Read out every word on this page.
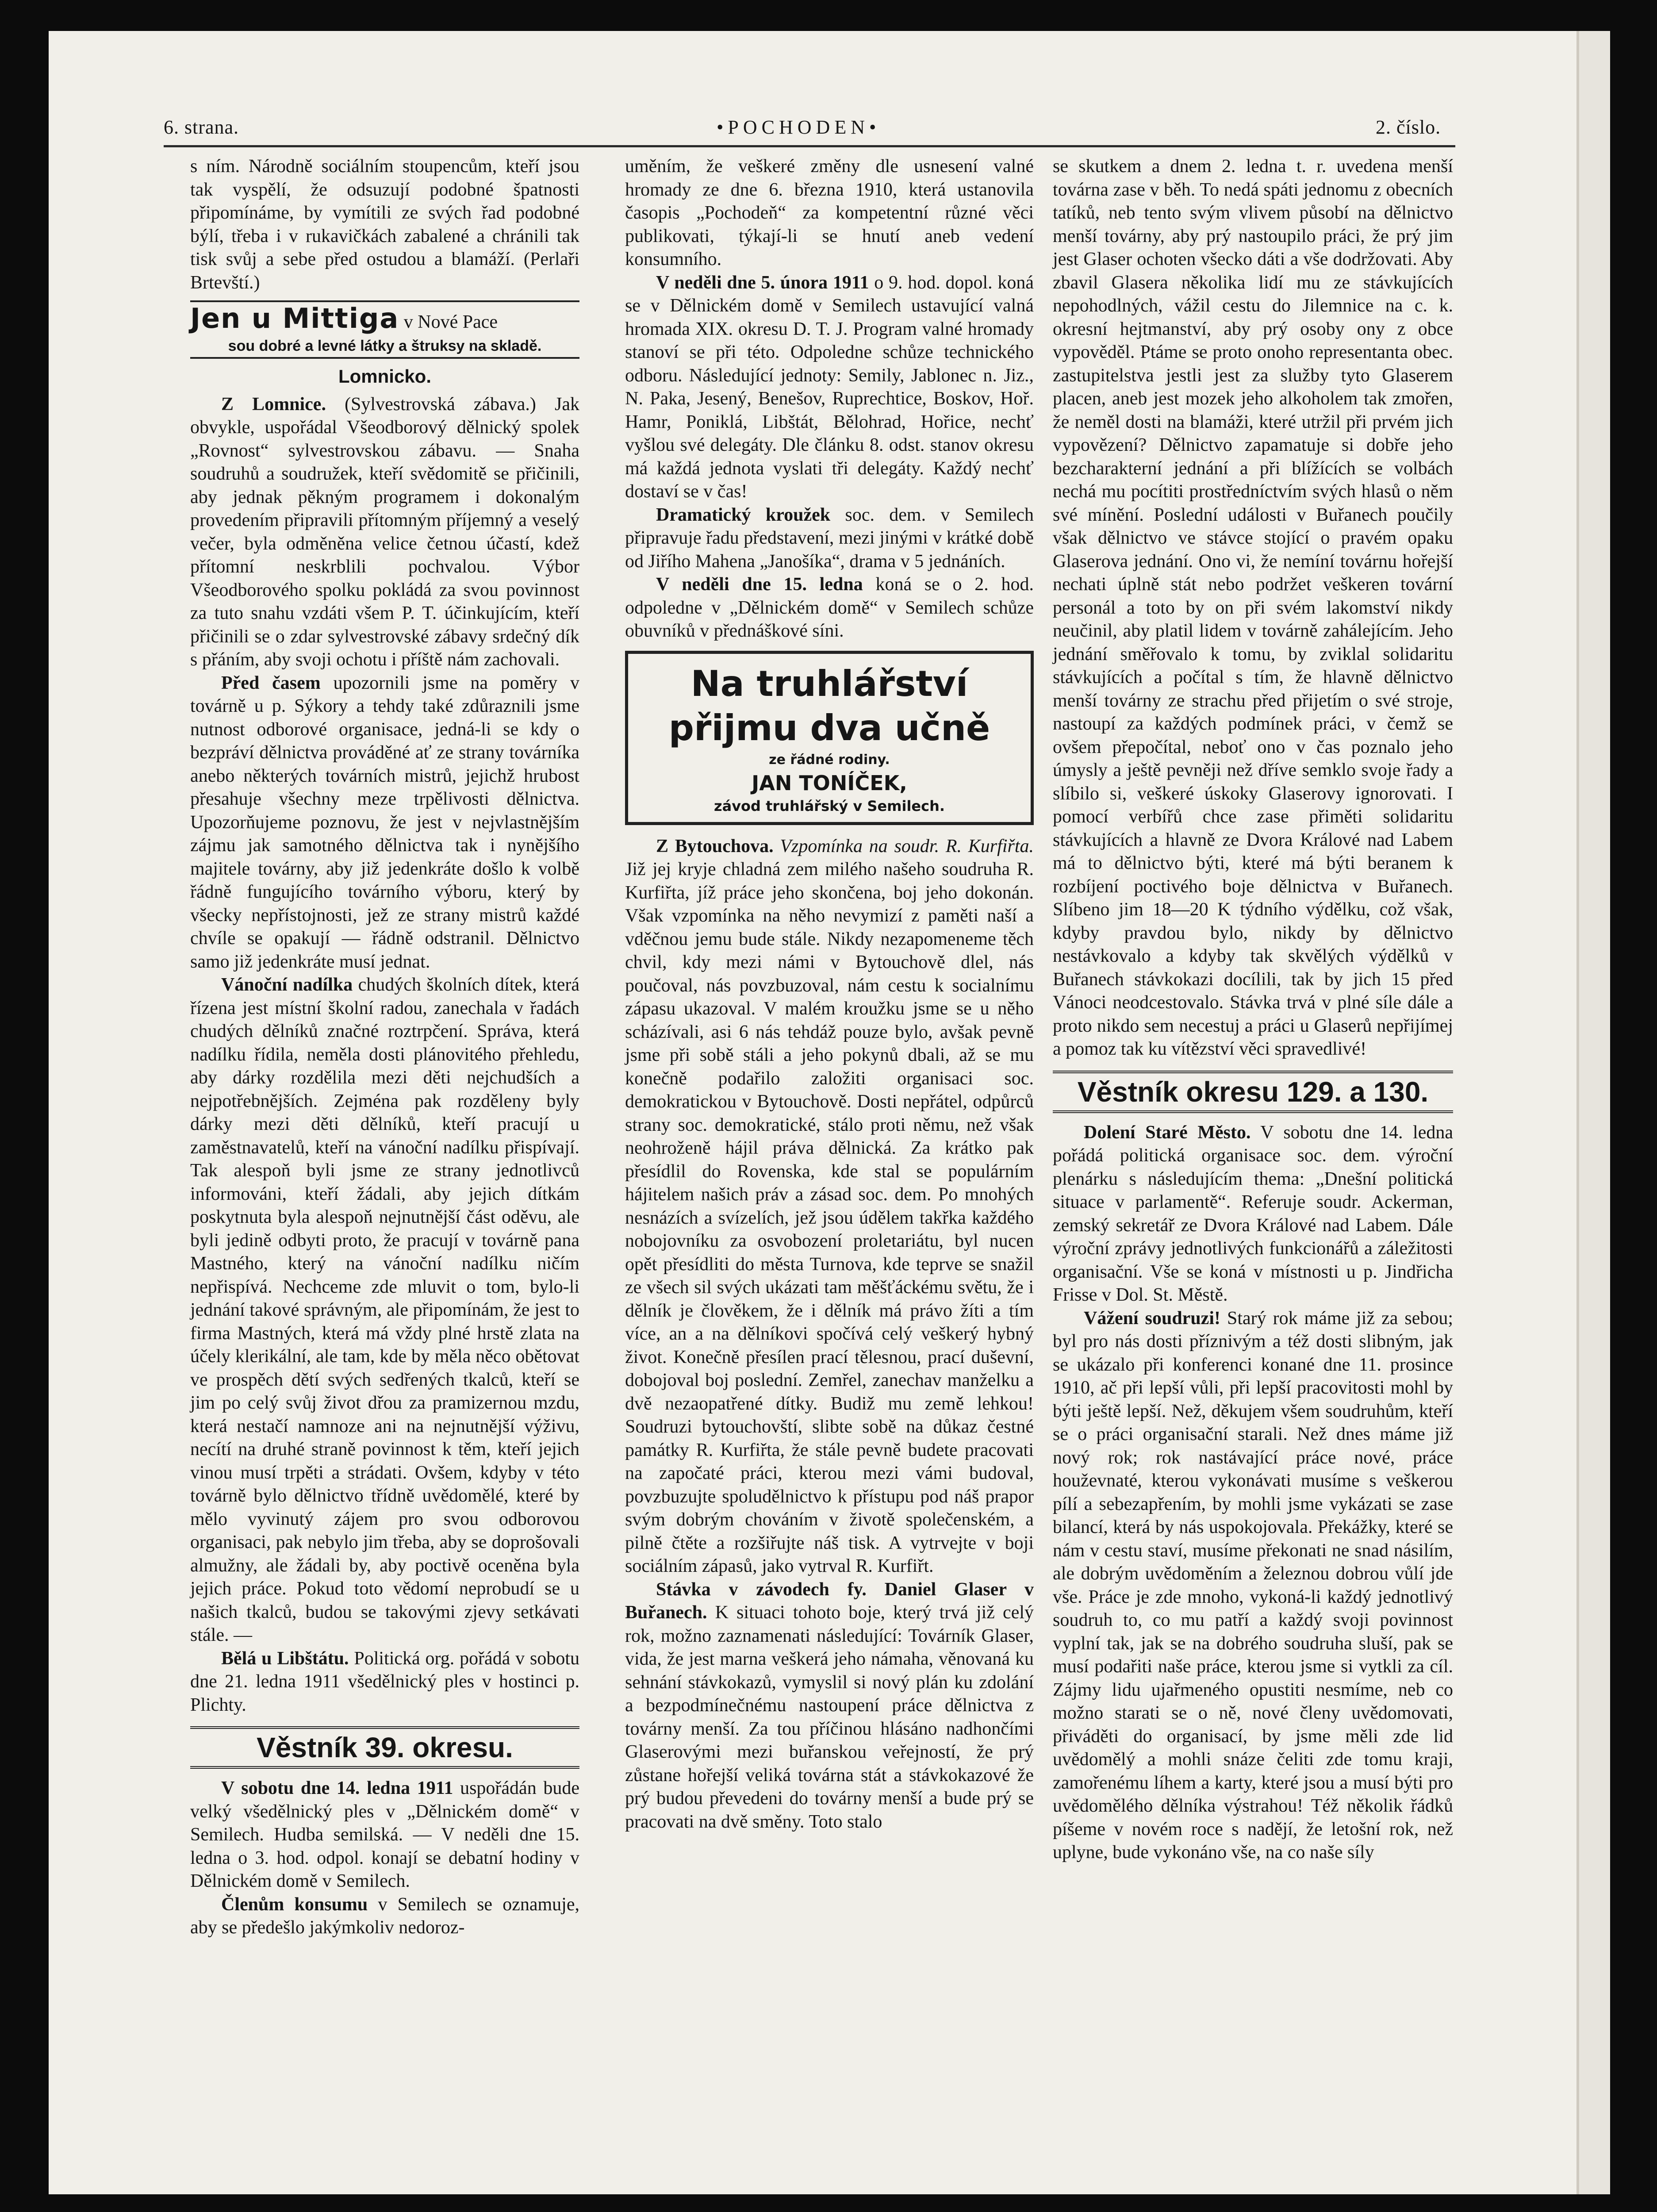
6. strana.	•POCHODEN•	2. číslo.

s ním. Národně sociálním stoupencům, kteří jsou tak vyspělí, že odsuzují podobné špatnosti připomínáme, by vymítili ze svých řad podobné býlí, třeba i v rukavičkách zabalené a chránili tak tisk svůj a sebe před ostudou a blamáží. (Perlaři Brtevští.)

Jen u Mittiga v Nové Pace
sou dobré a levné látky a štruksy na skladě.
Lomnicko.

Z Lomnice. (Sylvestrovská zábava.) Jak obvykle, uspořádal Všeodborový dělnický spolek „Rovnost“ sylvestrovskou zábavu. — Snaha soudruhů a soudružek, kteří svědomitě se přičinili, aby jednak pěkným programem i dokonalým provedením připravili přítomným příjemný a veselý večer, byla odměněna velice četnou účastí, kdež přítomní neskrblili pochvalou. Výbor Všeodborového spolku pokládá za svou povinnost za tuto snahu vzdáti všem P. T. účinkujícím, kteří přičinili se o zdar sylvestrovské zábavy srdečný dík s přáním, aby svoji ochotu i příště nám zachovali.

Před časem upozornili jsme na poměry v továrně u p. Sýkory a tehdy také zdůraznili jsme nutnost odborové organisace, jedná-li se kdy o bezpráví dělnictva prováděné ať ze strany továrníka anebo některých továrních mistrů, jejichž hrubost přesahuje všechny meze trpělivosti dělnictva. Upozorňujeme poznovu, že jest v nejvlastnějším zájmu jak samotného dělnictva tak i nynějšího majitele továrny, aby již jedenkráte došlo k volbě řádně fungujícího továrního výboru, který by všecky nepřístojnosti, jež ze strany mistrů každé chvíle se opakují — řádně odstranil. Dělnictvo samo již jedenkráte musí jednat.

Vánoční nadílka chudých školních dítek, která řízena jest místní školní radou, zanechala v řadách chudých dělníků značné roztrpčení. Správa, která nadílku řídila, neměla dosti plánovitého přehledu, aby dárky rozdělila mezi děti nejchudších a nejpotřebnějších. Zejména pak rozděleny byly dárky mezi děti dělníků, kteří pracují u zaměstnavatelů, kteří na vánoční nadílku přispívají. Tak alespoň byli jsme ze strany jednotlivců informováni, kteří žádali, aby jejich dítkám poskytnuta byla alespoň nejnutnější část oděvu, ale byli jedině odbyti proto, že pracují v továrně pana Mastného, který na vánoční nadílku ničím nepřispívá. Nechceme zde mluvit o tom, bylo-li jednání takové správným, ale připomínám, že jest to firma Mastných, která má vždy plné hrstě zlata na účely klerikální, ale tam, kde by měla něco obětovat ve prospěch dětí svých sedřených tkalců, kteří se jim po celý svůj život dřou za pramizernou mzdu, která nestačí namnoze ani na nejnutnější výživu, necítí na druhé straně povinnost k těm, kteří jejich vinou musí trpěti a strádati. Ovšem, kdyby v této továrně bylo dělnictvo třídně uvědomělé, které by mělo vyvinutý zájem pro svou odborovou organisaci, pak nebylo jim třeba, aby se doprošovali almužny, ale žádali by, aby poctivě oceněna byla jejich práce. Pokud toto vědomí neprobudí se u našich tkalců, budou se takovými zjevy setkávati stále. —

Bělá u Libštátu. Politická org. pořádá v sobotu dne 21. ledna 1911 všedělnický ples v hostinci p. Plichty.

Věstník 39. okresu.

V sobotu dne 14. ledna 1911 uspořádán bude velký všedělnický ples v „Dělnickém domě“ v Semilech. Hudba semilská. — V neděli dne 15. ledna o 3. hod. odpol. konají se debatní hodiny v Dělnickém domě v Semilech.

Členům konsumu v Semilech se oznamuje, aby se předešlo jakýmkoliv nedoroz-

uměním, že veškeré změny dle usnesení valné hromady ze dne 6. března 1910, která ustanovila časopis „Pochodeň“ za kompetentní různé věci publikovati, týkají-li se hnutí aneb vedení konsumního.

V neděli dne 5. února 1911 o 9. hod. dopol. koná se v Dělnickém domě v Semilech ustavující valná hromada XIX. okresu D. T. J. Program valné hromady stanoví se při této. Odpoledne schůze technického odboru. Následující jednoty: Semily, Jablonec n. Jiz., N. Paka, Jesený, Benešov, Ruprechtice, Boskov, Hoř. Hamr, Poniklá, Libštát, Bělohrad, Hořice, nechť vyšlou své delegáty. Dle článku 8. odst. stanov okresu má každá jednota vyslati tři delegáty. Každý nechť dostaví se v čas!

Dramatický kroužek soc. dem. v Semilech připravuje řadu představení, mezi jinými v krátké době od Jiřího Mahena „Janošíka“, drama v 5 jednáních.

V neděli dne 15. ledna koná se o 2. hod. odpoledne v „Dělnickém domě“ v Semilech schůze obuvníků v přednáškové síni.

Na truhlářství
přijmu dva učně
ze řádné rodiny.
JAN TONÍČEK,
závod truhlářský v Semilech.

Z Bytouchova. Vzpomínka na soudr. R. Kurfiřta. Již jej kryje chladná zem milého našeho soudruha R. Kurfiřta, jíž práce jeho skončena, boj jeho dokonán. Však vzpomínka na něho nevymizí z paměti naší a vděčnou jemu bude stále. Nikdy nezapomeneme těch chvil, kdy mezi námi v Bytouchově dlel, nás poučoval, nás povzbuzoval, nám cestu k socialnímu zápasu ukazoval. V malém kroužku jsme se u něho scházívali, asi 6 nás tehdáž pouze bylo, avšak pevně jsme při sobě stáli a jeho pokynů dbali, až se mu konečně podařilo založiti organisaci soc. demokratickou v Bytouchově. Dosti nepřátel, odpůrců strany soc. demokratické, stálo proti němu, než však neohroženě hájil práva dělnická. Za krátko pak přesídlil do Rovenska, kde stal se populárním hájitelem našich práv a zásad soc. dem. Po mnohých nesnázích a svízelích, jež jsou údělem takřka každého nobojovníku za osvobození proletariátu, byl nucen opět přesídliti do města Turnova, kde teprve se snažil ze všech sil svých ukázati tam měšťáckému světu, že i dělník je člověkem, že i dělník má právo žíti a tím více, an a na dělníkovi spočívá celý veškerý hybný život. Konečně přesílen prací tělesnou, prací duševní, dobojoval boj poslední. Zemřel, zanechav manželku a dvě nezaopatřené dítky. Budiž mu země lehkou! Soudruzi bytouchovští, slibte sobě na důkaz čestné památky R. Kurfiřta, že stále pevně budete pracovati na započaté práci, kterou mezi vámi budoval, povzbuzujte spoludělnictvo k přístupu pod náš prapor svým dobrým chováním v životě společenském, a pilně čtěte a rozšiřujte náš tisk. A vytrvejte v boji sociálním zápasů, jako vytrval R. Kurfiřt.

Stávka v závodech fy. Daniel Glaser v Buřanech. K situaci tohoto boje, který trvá již celý rok, možno zaznamenati následující: Továrník Glaser, vida, že jest marna veškerá jeho námaha, věnovaná ku sehnání stávkokazů, vymyslil si nový plán ku zdolání a bezpodmínečnému nastoupení práce dělnictva z továrny menší. Za tou příčinou hlásáno nadhončími Glaserovými mezi buřanskou veřejností, že prý zůstane hořejší veliká továrna stát a stávkokazové že prý budou převedeni do továrny menší a bude prý se pracovati na dvě směny. Toto stalo

se skutkem a dnem 2. ledna t. r. uvedena menší továrna zase v běh. To nedá spáti jednomu z obecních tatíků, neb tento svým vlivem působí na dělnictvo menší továrny, aby prý nastoupilo práci, že prý jim jest Glaser ochoten všecko dáti a vše dodržovati. Aby zbavil Glasera několika lidí mu ze stávkujících nepohodlných, vážil cestu do Jilemnice na c. k. okresní hejtmanství, aby prý osoby ony z obce vypověděl. Ptáme se proto onoho representanta obec. zastupitelstva jestli jest za služby tyto Glaserem placen, aneb jest mozek jeho alkoholem tak zmořen, že neměl dosti na blamáži, které utržil při prvém jich vypovězení? Dělnictvo zapamatuje si dobře jeho bezcharakterní jednání a při blížících se volbách nechá mu pocítiti prostředníctvím svých hlasů o něm své mínění. Poslední události v Buřanech poučily však dělnictvo ve stávce stojící o pravém opaku Glaserova jednání. Ono vi, že nemíní továrnu hořejší nechati úplně stát nebo podržet veškeren tovární personál a toto by on při svém lakomství nikdy neučinil, aby platil lidem v továrně zahálejícím. Jeho jednání směřovalo k tomu, by zviklal solidaritu stávkujících a počítal s tím, že hlavně dělnictvo menší továrny ze strachu před přijetím o své stroje, nastoupí za každých podmínek práci, v čemž se ovšem přepočítal, neboť ono v čas poznalo jeho úmysly a ještě pevněji než dříve semklo svoje řady a slíbilo si, veškeré úskoky Glaserovy ignorovati. I pomocí verbířů chce zase přiměti solidaritu stávkujících a hlavně ze Dvora Králové nad Labem má to dělnictvo býti, které má býti beranem k rozbíjení poctivého boje dělnictva v Buřanech. Slíbeno jim 18—20 K týdního výdělku, což však, kdyby pravdou bylo, nikdy by dělnictvo nestávkovalo a kdyby tak skvělých výdělků v Buřanech stávkokazi docílili, tak by jich 15 před Vánoci neodcestovalo. Stávka trvá v plné síle dále a proto nikdo sem necestuj a práci u Glaserů nepřijímej a pomoz tak ku vítězství věci spravedlivé!

Věstník okresu 129. a 130.

Dolení Staré Město. V sobotu dne 14. ledna pořádá politická organisace soc. dem. výroční plenárku s následujícím thema: „Dnešní politická situace v parlamentě“. Referuje soudr. Ackerman, zemský sekretář ze Dvora Králové nad Labem. Dále výroční zprávy jednotlivých funkcionářů a záležitosti organisační. Vše se koná v místnosti u p. Jindřicha Frisse v Dol. St. Městě.

Vážení soudruzi! Starý rok máme již za sebou; byl pro nás dosti příznivým a též dosti slibným, jak se ukázalo při konferenci konané dne 11. prosince 1910, ač při lepší vůli, při lepší pracovitosti mohl by býti ještě lepší. Než, děkujem všem soudruhům, kteří se o práci organisační starali. Než dnes máme již nový rok; rok nastávající práce nové, práce houževnaté, kterou vykonávati musíme s veškerou pílí a sebezapřením, by mohli jsme vykázati se zase bilancí, která by nás uspokojovala. Překážky, které se nám v cestu staví, musíme překonati ne snad násilím, ale dobrým uvědoměním a železnou dobrou vůlí jde vše. Práce je zde mnoho, vykoná-li každý jednotlivý soudruh to, co mu patří a každý svoji povinnost vyplní tak, jak se na dobrého soudruha sluší, pak se musí podařiti naše práce, kterou jsme si vytkli za cíl. Zájmy lidu ujařmeného opustiti nesmíme, neb co možno starati se o ně, nové členy uvědomovati, přiváděti do organisací, by jsme měli zde lid uvědomělý a mohli snáze čeliti zde tomu kraji, zamořenému líhem a karty, které jsou a musí býti pro uvědomělého dělníka výstrahou! Též několik řádků píšeme v novém roce s nadějí, že letošní rok, než uplyne, bude vykonáno vše, na co naše síly
